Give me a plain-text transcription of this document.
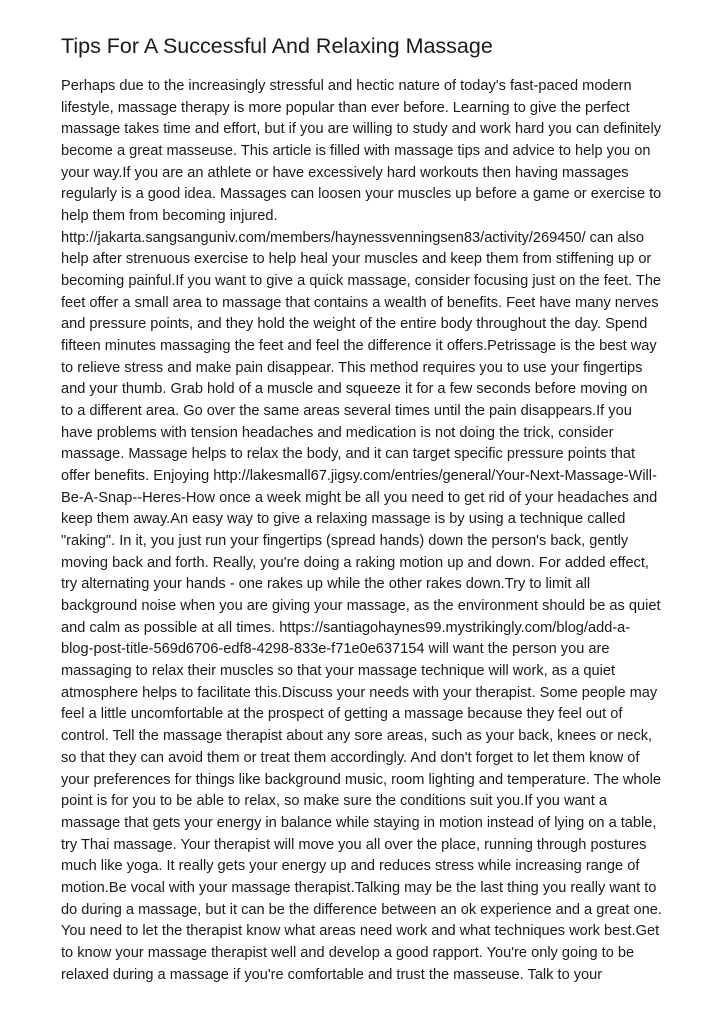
Tips For A Successful And Relaxing Massage
Perhaps due to the increasingly stressful and hectic nature of today's fast-paced modern
lifestyle, massage therapy is more popular than ever before. Learning to give the perfect
massage takes time and effort, but if you are willing to study and work hard you can definitely
become a great masseuse. This article is filled with massage tips and advice to help you on
your way.If you are an athlete or have excessively hard workouts then having massages
regularly is a good idea. Massages can loosen your muscles up before a game or exercise to
help them from becoming injured.
http://jakarta.sangsanguniv.com/members/haynessvenningsen83/activity/269450/ can also
help after strenuous exercise to help heal your muscles and keep them from stiffening up or
becoming painful.If you want to give a quick massage, consider focusing just on the feet. The
feet offer a small area to massage that contains a wealth of benefits. Feet have many nerves
and pressure points, and they hold the weight of the entire body throughout the day. Spend
fifteen minutes massaging the feet and feel the difference it offers.Petrissage is the best way
to relieve stress and make pain disappear. This method requires you to use your fingertips
and your thumb. Grab hold of a muscle and squeeze it for a few seconds before moving on
to a different area. Go over the same areas several times until the pain disappears.If you
have problems with tension headaches and medication is not doing the trick, consider
massage. Massage helps to relax the body, and it can target specific pressure points that
offer benefits. Enjoying http://lakesmall67.jigsy.com/entries/general/Your-Next-Massage-Will-
Be-A-Snap--Heres-How once a week might be all you need to get rid of your headaches and
keep them away.An easy way to give a relaxing massage is by using a technique called
"raking". In it, you just run your fingertips (spread hands) down the person's back, gently
moving back and forth. Really, you're doing a raking motion up and down. For added effect,
try alternating your hands - one rakes up while the other rakes down.Try to limit all
background noise when you are giving your massage, as the environment should be as quiet
and calm as possible at all times. https://santiagohaynes99.mystrikingly.com/blog/add-a-
blog-post-title-569d6706-edf8-4298-833e-f71e0e637154 will want the person you are
massaging to relax their muscles so that your massage technique will work, as a quiet
atmosphere helps to facilitate this.Discuss your needs with your therapist. Some people may
feel a little uncomfortable at the prospect of getting a massage because they feel out of
control. Tell the massage therapist about any sore areas, such as your back, knees or neck,
so that they can avoid them or treat them accordingly. And don't forget to let them know of
your preferences for things like background music, room lighting and temperature. The whole
point is for you to be able to relax, so make sure the conditions suit you.If you want a
massage that gets your energy in balance while staying in motion instead of lying on a table,
try Thai massage. Your therapist will move you all over the place, running through postures
much like yoga. It really gets your energy up and reduces stress while increasing range of
motion.Be vocal with your massage therapist.Talking may be the last thing you really want to
do during a massage, but it can be the difference between an ok experience and a great one.
You need to let the therapist know what areas need work and what techniques work best.Get
to know your massage therapist well and develop a good rapport. You're only going to be
relaxed during a massage if you're comfortable and trust the masseuse. Talk to your
